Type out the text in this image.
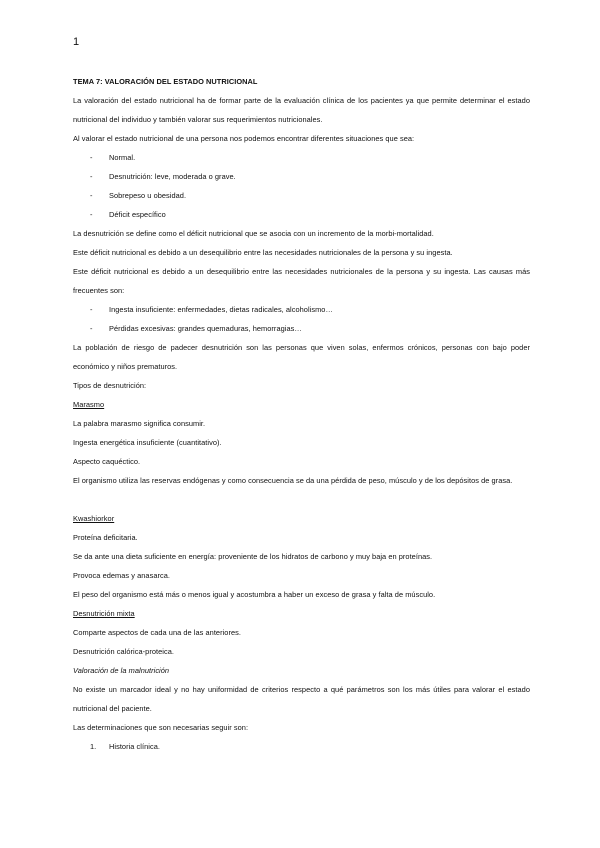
1

TEMA 7: VALORACIÓN DEL ESTADO NUTRICIONAL

La valoración del estado nutricional ha de formar parte de la evaluación clínica de los pacientes ya que permite determinar el estado nutricional del individuo y también valorar sus requerimientos nutricionales.

Al valorar el estado nutricional de una persona nos podemos encontrar diferentes situaciones que sea:

- Normal.

- Desnutrición: leve, moderada o grave.

- Sobrepeso u obesidad.

- Déficit específico

La desnutrición se define como el déficit nutricional que se asocia con un incremento de la morbi-mortalidad.

Este déficit nutricional es debido a un desequilibrio entre las necesidades nutricionales de la persona y su ingesta.

Este déficit nutricional es debido a un desequilibrio entre las necesidades nutricionales de la persona y su ingesta. Las causas más frecuentes son:

- Ingesta insuficiente: enfermedades, dietas radicales, alcoholismo…

- Pérdidas excesivas: grandes quemaduras, hemorragias…

La población de riesgo de padecer desnutrición son las personas que viven solas, enfermos crónicos, personas con bajo poder económico y niños prematuros.

Tipos de desnutrición:

Marasmo

La palabra marasmo significa consumir.

Ingesta energética insuficiente (cuantitativo).

Aspecto caquéctico.

El organismo utiliza las reservas endógenas y como consecuencia se da una pérdida de peso, músculo y de los depósitos de grasa.

Kwashiorkor

Proteína deficitaria.

Se da ante una dieta suficiente en energía: proveniente de los hidratos de carbono y muy baja en proteínas.

Provoca edemas y anasarca.

El peso del organismo está más o menos igual y acostumbra a haber un exceso de grasa y falta de músculo.

Desnutrición mixta

Comparte aspectos de cada una de las anteriores.

Desnutrición calórica-proteica.

Valoración de la malnutrición

No existe un marcador ideal y no hay uniformidad de criterios respecto a qué parámetros son los más útiles para valorar el estado nutricional del paciente.

Las determinaciones que son necesarias seguir son:

1. Historia clínica.
